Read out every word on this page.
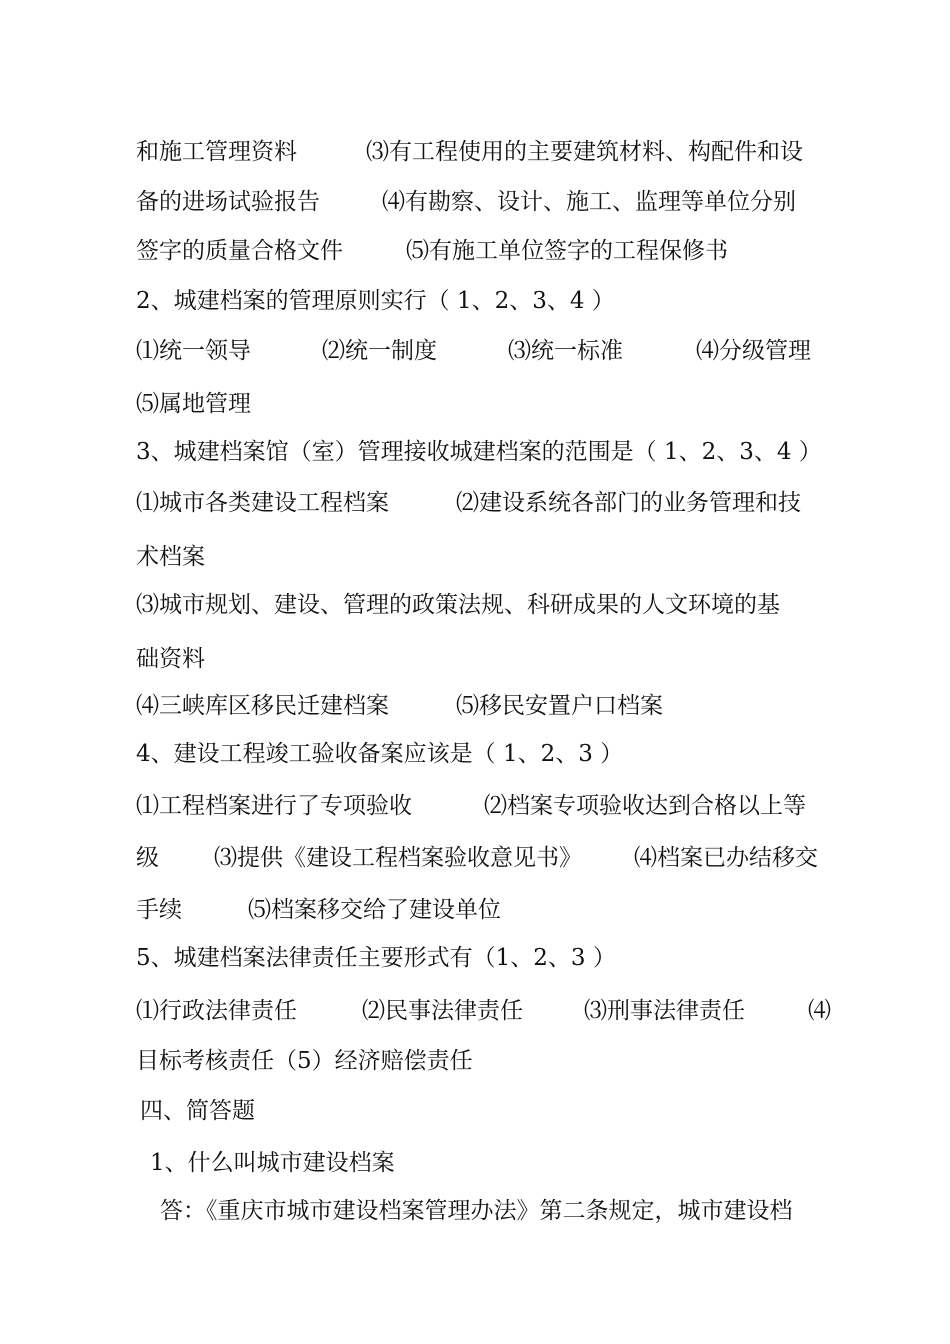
和施工管理资料	⑶有工程使用的主要建筑材料、构配件和设
备的进场试验报告	⑷有勘察、设计、施工、监理等单位分别
签字的质量合格文件	⑸有施工单位签字的工程保修书
2、城建档案的管理原则实行（ 1、2、3、4 ）
⑴统一领导	⑵统一制度	⑶统一标准	⑷分级管理
⑸属地管理
3、城建档案馆（室）管理接收城建档案的范围是（ 1、2、3、4 ）
⑴城市各类建设工程档案	⑵建设系统各部门的业务管理和技
术档案
⑶城市规划、建设、管理的政策法规、科研成果的人文环境的基
础资料
⑷三峡库区移民迁建档案	⑸移民安置户口档案
4、建设工程竣工验收备案应该是（ 1、2、3 ）
⑴工程档案进行了专项验收	⑵档案专项验收达到合格以上等
级 ⑶提供《建设工程档案验收意见书》 ⑷档案已办结移交
手续	⑸档案移交给了建设单位
5、城建档案法律责任主要形式有（1、2、3 ）
⑴行政法律责任	⑵民事法律责任	⑶刑事法律责任	⑷
目标考核责任（5）经济赔偿责任
四、简答题
1、什么叫城市建设档案
答：《重庆市城市建设档案管理办法》第二条规定，城市建设档
